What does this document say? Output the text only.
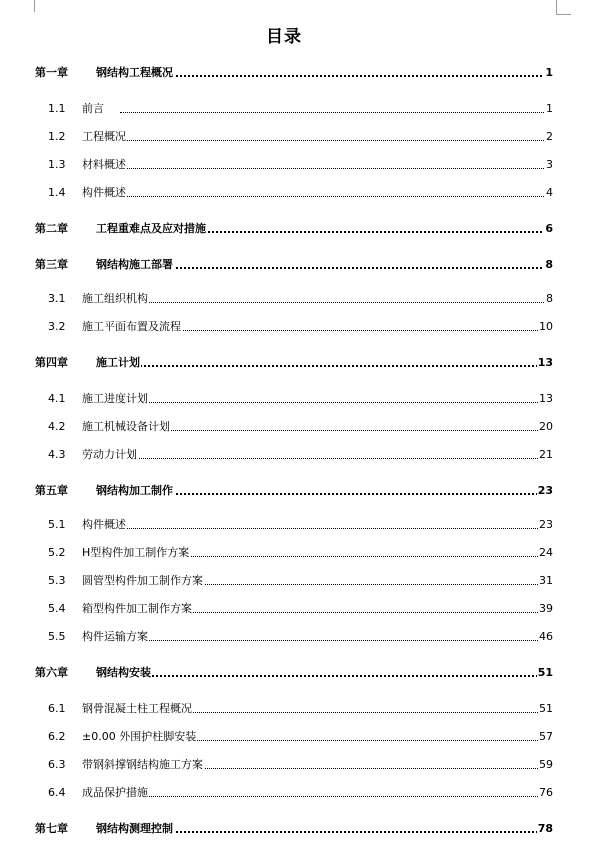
目录
第一章	钢结构工程概况	1
1.1 前言	1
1.2 工程概况	2
1.3 材料概述	3
1.4 构件概述	4
第二章	工程重难点及应对措施	6
第三章	钢结构施工部署	8
3.1 施工组织机构	8
3.2 施工平面布置及流程	10
第四章	施工计划	13
4.1 施工进度计划	13
4.2 施工机械设备计划	20
4.3 劳动力计划	21
第五章	钢结构加工制作	23
5.1 构件概述	23
5.2 H型构件加工制作方案	24
5.3 圆管型构件加工制作方案	31
5.4 箱型构件加工制作方案	39
5.5 构件运输方案	46
第六章	钢结构安装	51
6.1 钢骨混凝土柱工程概况	51
6.2 ±0.00 外围护柱脚安装	57
6.3 带钢斜撑钢结构施工方案	59
6.4 成品保护措施	76
第七章	钢结构测理控制	78
